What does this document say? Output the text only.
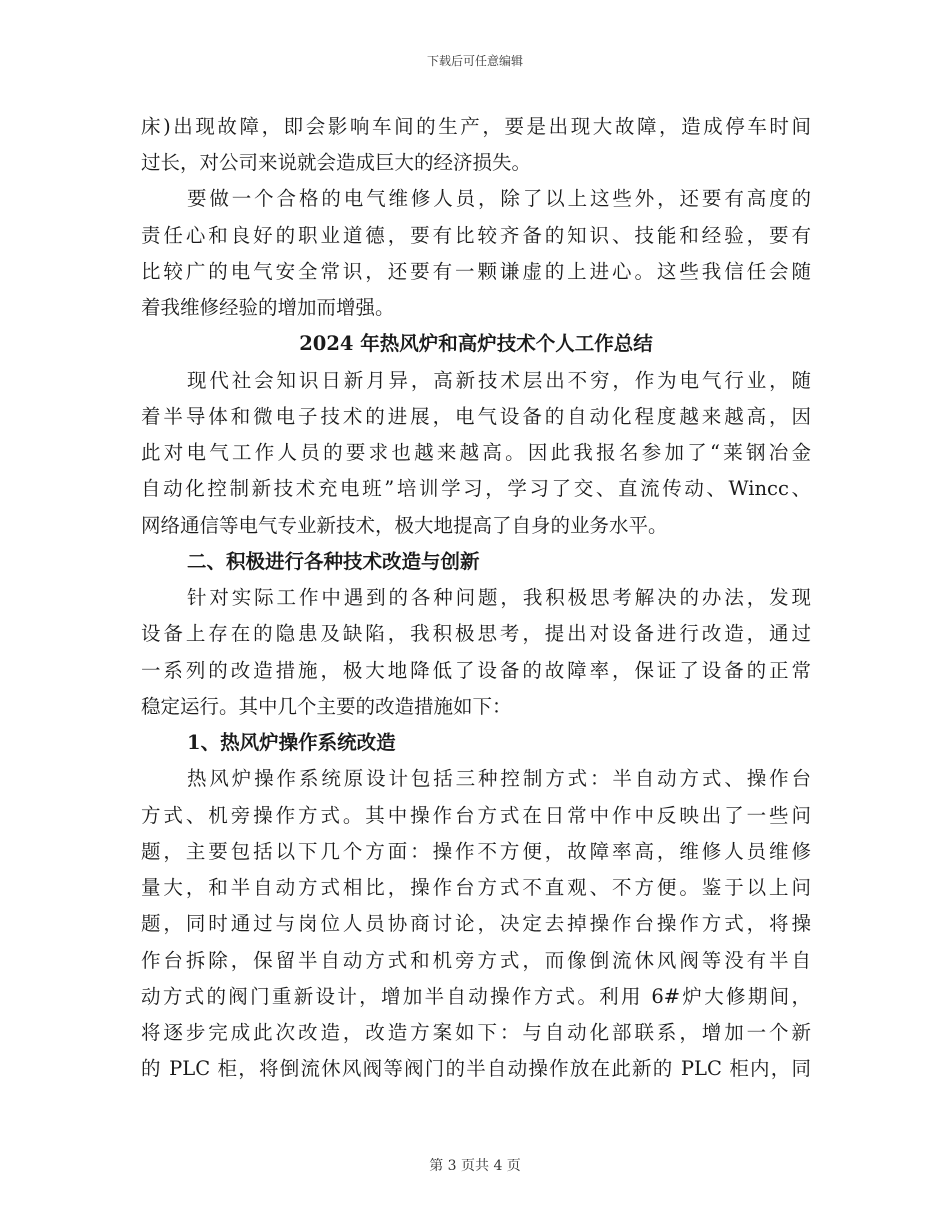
下载后可任意编辑
床)出现故障，即会影响车间的生产，要是出现大故障，造成停车时间
过长，对公司来说就会造成巨大的经济损失。
要做一个合格的电气维修人员，除了以上这些外，还要有高度的
责任心和良好的职业道德，要有比较齐备的知识、技能和经验，要有
比较广的电气安全常识，还要有一颗谦虚的上进心。这些我信任会随
着我维修经验的增加而增强。
2024 年热风炉和高炉技术个人工作总结
现代社会知识日新月异，高新技术层出不穷，作为电气行业，随
着半导体和微电子技术的进展，电气设备的自动化程度越来越高，因
此对电气工作人员的要求也越来越高。因此我报名参加了“莱钢冶金
自动化控制新技术充电班”培训学习，学习了交、直流传动、Wincc、
网络通信等电气专业新技术，极大地提高了自身的业务水平。
二、积极进行各种技术改造与创新
针对实际工作中遇到的各种问题，我积极思考解决的办法，发现
设备上存在的隐患及缺陷，我积极思考，提出对设备进行改造，通过
一系列的改造措施，极大地降低了设备的故障率，保证了设备的正常
稳定运行。其中几个主要的改造措施如下：
1、热风炉操作系统改造
热风炉操作系统原设计包括三种控制方式：半自动方式、操作台
方式、机旁操作方式。其中操作台方式在日常中作中反映出了一些问
题，主要包括以下几个方面：操作不方便，故障率高，维修人员维修
量大，和半自动方式相比，操作台方式不直观、不方便。鉴于以上问
题，同时通过与岗位人员协商讨论，决定去掉操作台操作方式，将操
作台拆除，保留半自动方式和机旁方式，而像倒流休风阀等没有半自
动方式的阀门重新设计，增加半自动操作方式。利用 6#炉大修期间，
将逐步完成此次改造，改造方案如下：与自动化部联系，增加一个新
的 PLC 柜，将倒流休风阀等阀门的半自动操作放在此新的 PLC 柜内，同
第 3 页共 4 页
